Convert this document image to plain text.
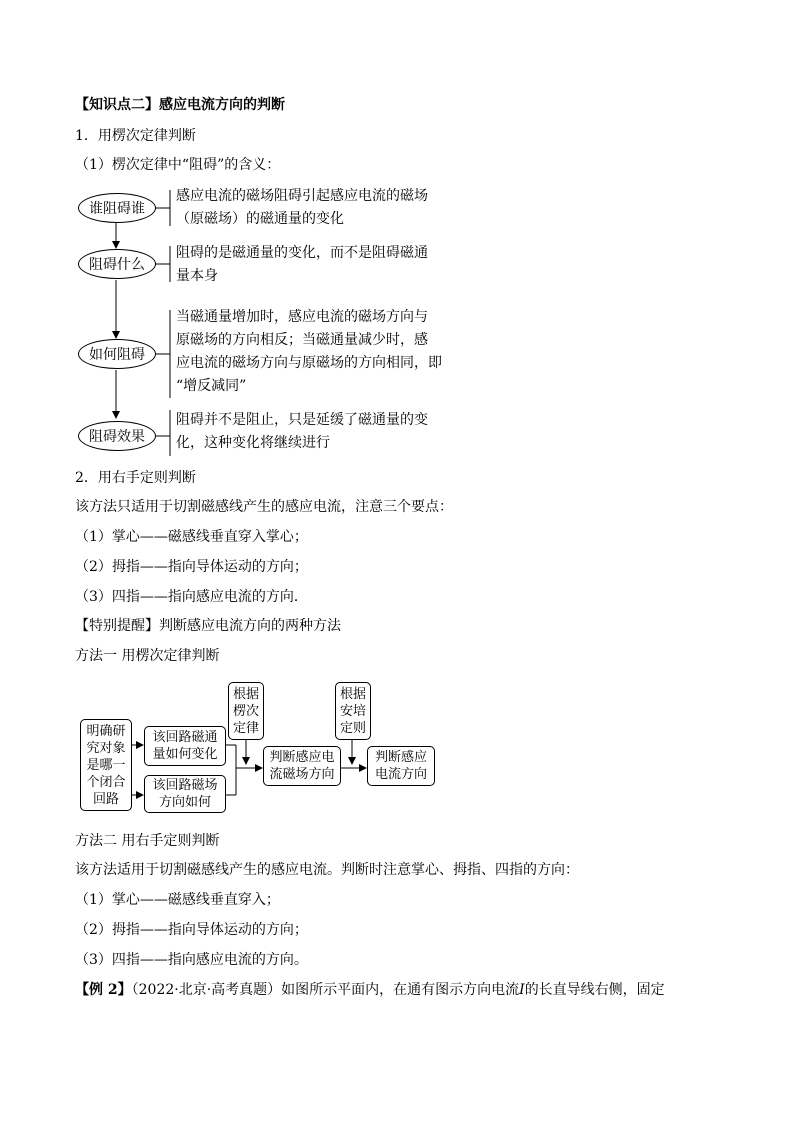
【知识点二】感应电流方向的判断
1．用楞次定律判断
（1）楞次定律中“阻碍”的含义：
谁阻碍谁
阻碍什么
如何阻碍
阻碍效果
感应电流的磁场阻碍引起感应电流的磁场
（原磁场）的磁通量的变化
阻碍的是磁通量的变化，而不是阻碍磁通
量本身
当磁通量增加时，感应电流的磁场方向与
原磁场的方向相反；当磁通量减少时，感
应电流的磁场方向与原磁场的方向相同，即
“增反减同”
阻碍并不是阻止，只是延缓了磁通量的变
化，这种变化将继续进行
2．用右手定则判断
该方法只适用于切割磁感线产生的感应电流，注意三个要点：
（1）掌心——磁感线垂直穿入掌心；
（2）拇指——指向导体运动的方向；
（3）四指——指向感应电流的方向．
【特别提醒】判断感应电流方向的两种方法
方法一 用楞次定律判断
明确研
究对象
是哪一
个闭合
回路
该回路磁通
量如何变化
该回路磁场
方向如何
根据
楞次
定律
判断感应电
流磁场方向
根据
安培
定则
判断感应
电流方向
方法二 用右手定则判断
该方法适用于切割磁感线产生的感应电流。判断时注意掌心、拇指、四指的方向：
（1）掌心——磁感线垂直穿入；
（2）拇指——指向导体运动的方向；
（3）四指——指向感应电流的方向。
【例 2】（2022·北京·高考真题）如图所示平面内，在通有图示方向电流I的长直导线右侧，固定
